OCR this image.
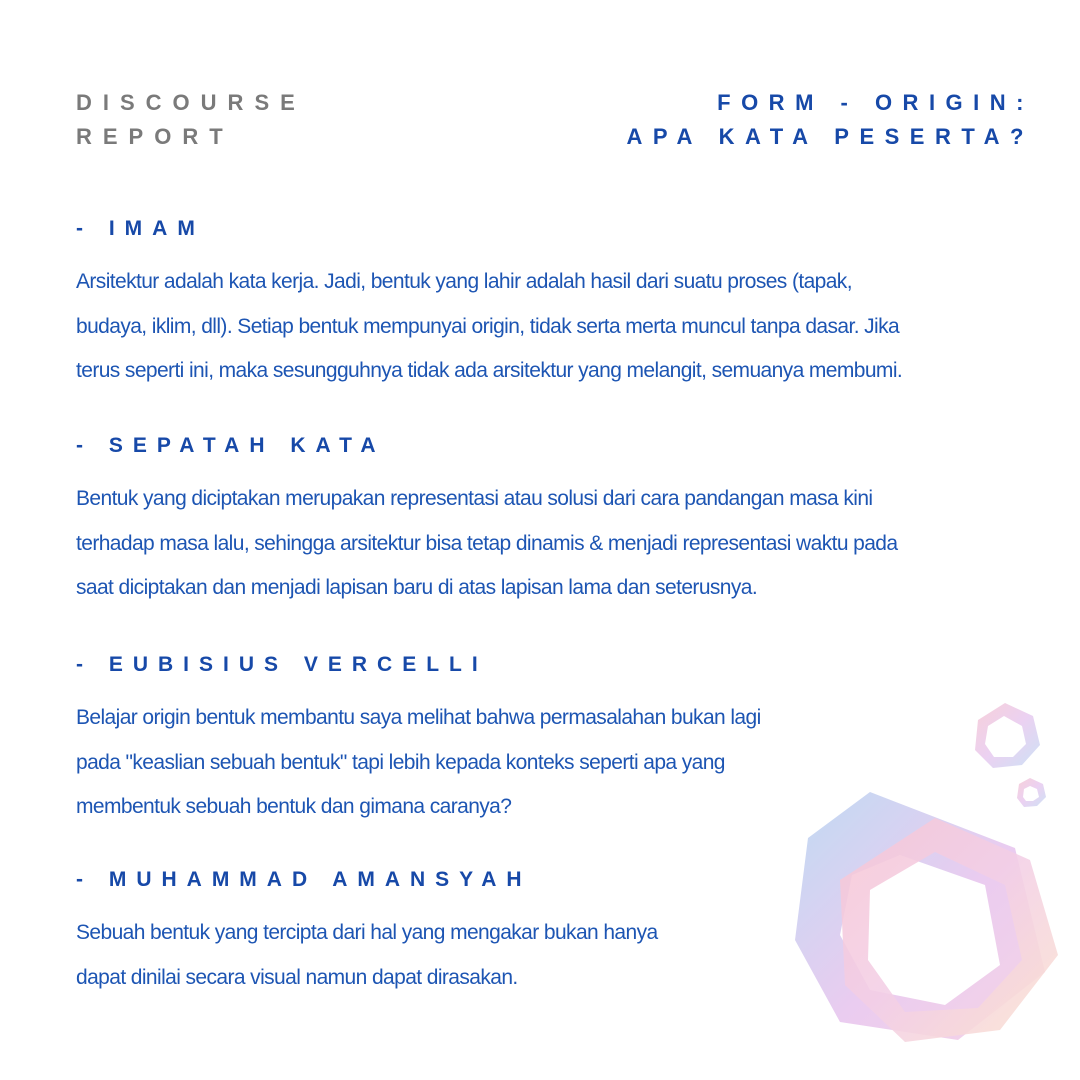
DISCOURSE
REPORT
FORM - ORIGIN:
APA KATA PESERTA?
- IMAM
Arsitektur adalah kata kerja. Jadi, bentuk yang lahir adalah hasil dari suatu proses (tapak,
budaya, iklim, dll). Setiap bentuk mempunyai origin, tidak serta merta muncul tanpa dasar. Jika
terus seperti ini, maka sesungguhnya tidak ada arsitektur yang melangit, semuanya membumi.
- SEPATAH KATA
Bentuk yang diciptakan merupakan representasi atau solusi dari cara pandangan masa kini
terhadap masa lalu, sehingga arsitektur bisa tetap dinamis & menjadi representasi waktu pada
saat diciptakan dan menjadi lapisan baru di atas lapisan lama dan seterusnya.
- EUBISIUS VERCELLI
Belajar origin bentuk membantu saya melihat bahwa permasalahan bukan lagi
pada "keaslian sebuah bentuk" tapi lebih kepada konteks seperti apa yang
membentuk sebuah bentuk dan gimana caranya?
- MUHAMMAD AMANSYAH
Sebuah bentuk yang tercipta dari hal yang mengakar bukan hanya
dapat dinilai secara visual namun dapat dirasakan.
